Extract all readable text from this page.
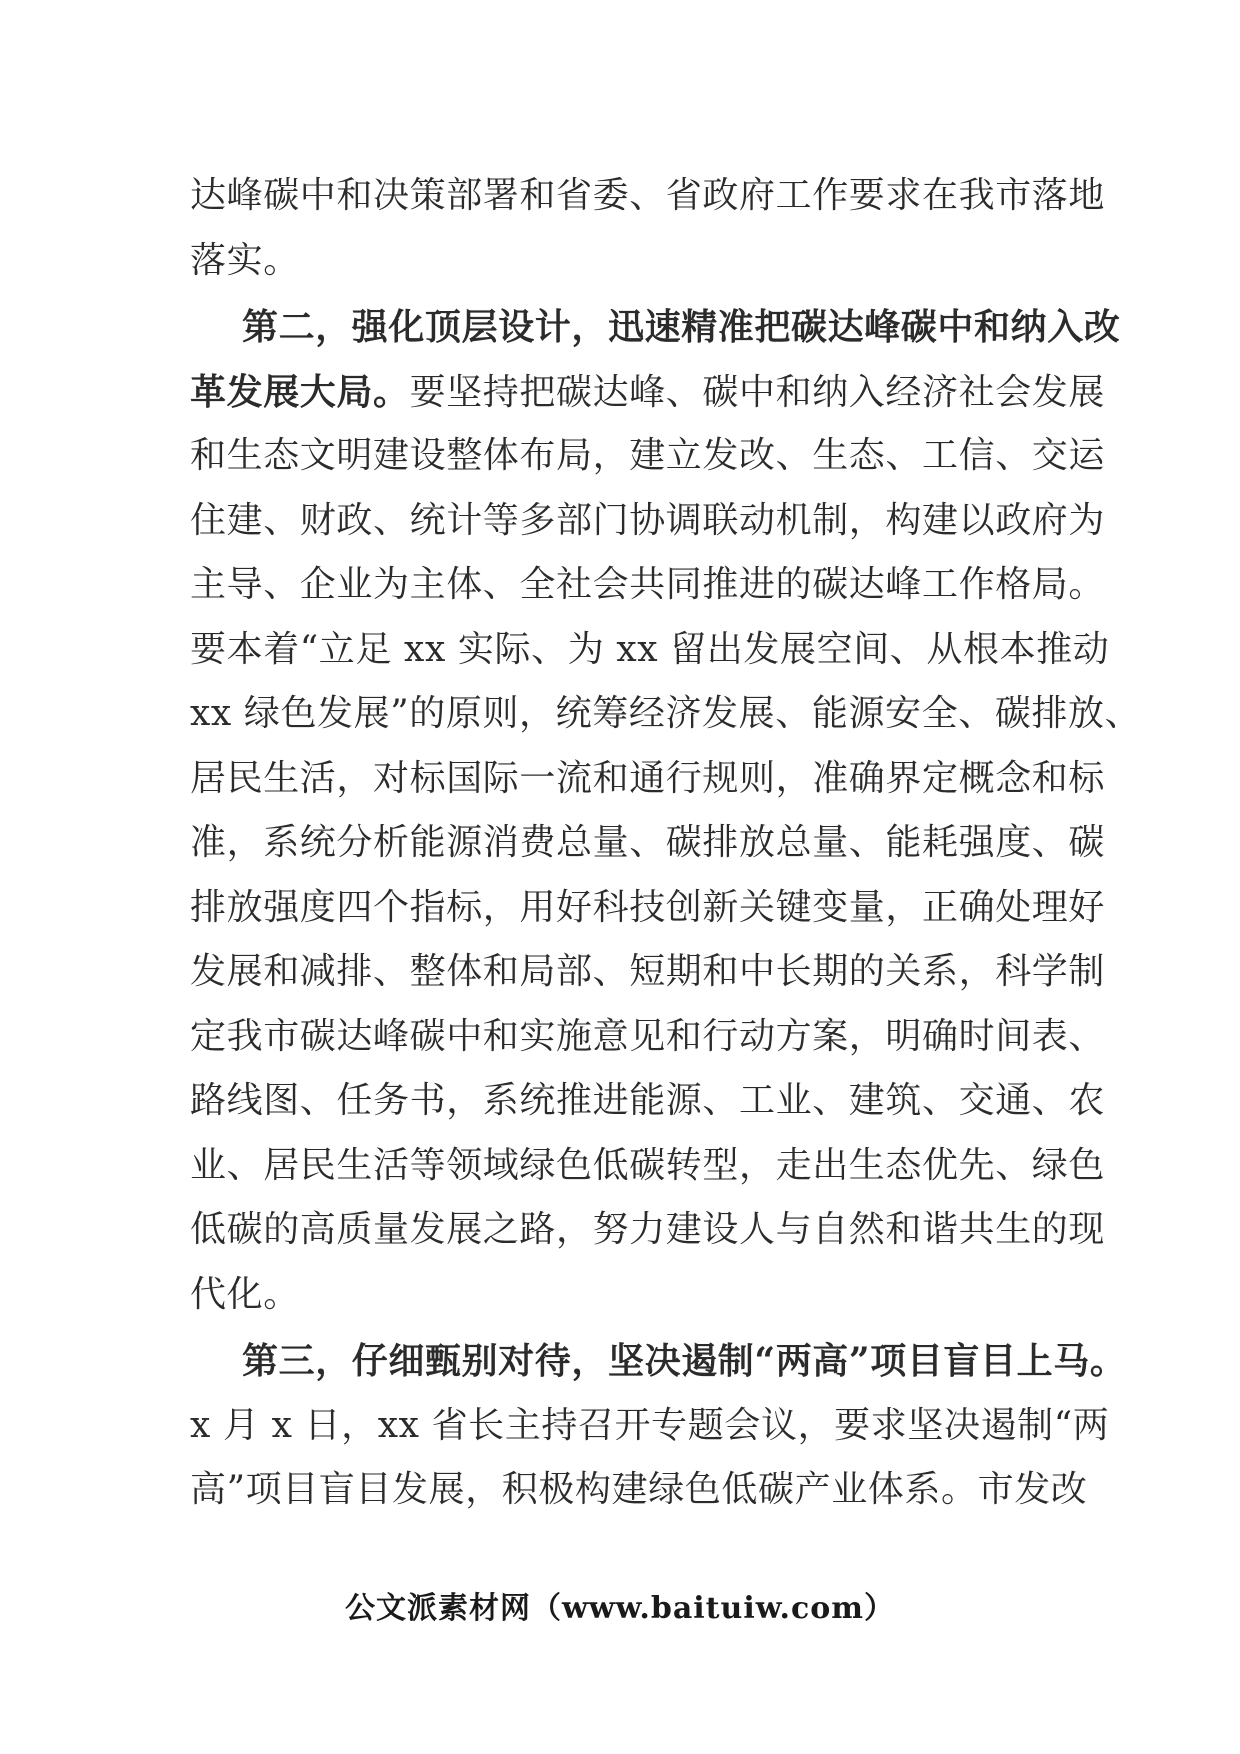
达峰碳中和决策部署和省委、省政府工作要求在我市落地
落实。
第二，强化顶层设计，迅速精准把碳达峰碳中和纳入改
革发展大局。要坚持把碳达峰、碳中和纳入经济社会发展
和生态文明建设整体布局，建立发改、生态、工信、交运
住建、财政、统计等多部门协调联动机制，构建以政府为
主导、企业为主体、全社会共同推进的碳达峰工作格局。
要本着“立足 xx 实际、为 xx 留出发展空间、从根本推动
xx 绿色发展”的原则，统筹经济发展、能源安全、碳排放、
居民生活，对标国际一流和通行规则，准确界定概念和标
准，系统分析能源消费总量、碳排放总量、能耗强度、碳
排放强度四个指标，用好科技创新关键变量，正确处理好
发展和减排、整体和局部、短期和中长期的关系，科学制
定我市碳达峰碳中和实施意见和行动方案，明确时间表、
路线图、任务书，系统推进能源、工业、建筑、交通、农
业、居民生活等领域绿色低碳转型，走出生态优先、绿色
低碳的高质量发展之路，努力建设人与自然和谐共生的现
代化。
第三，仔细甄别对待，坚决遏制“两高”项目盲目上马。
x 月 x 日，xx 省长主持召开专题会议，要求坚决遏制“两
高”项目盲目发展，积极构建绿色低碳产业体系。市发改
公文派素材网（www.baituiw.com）
